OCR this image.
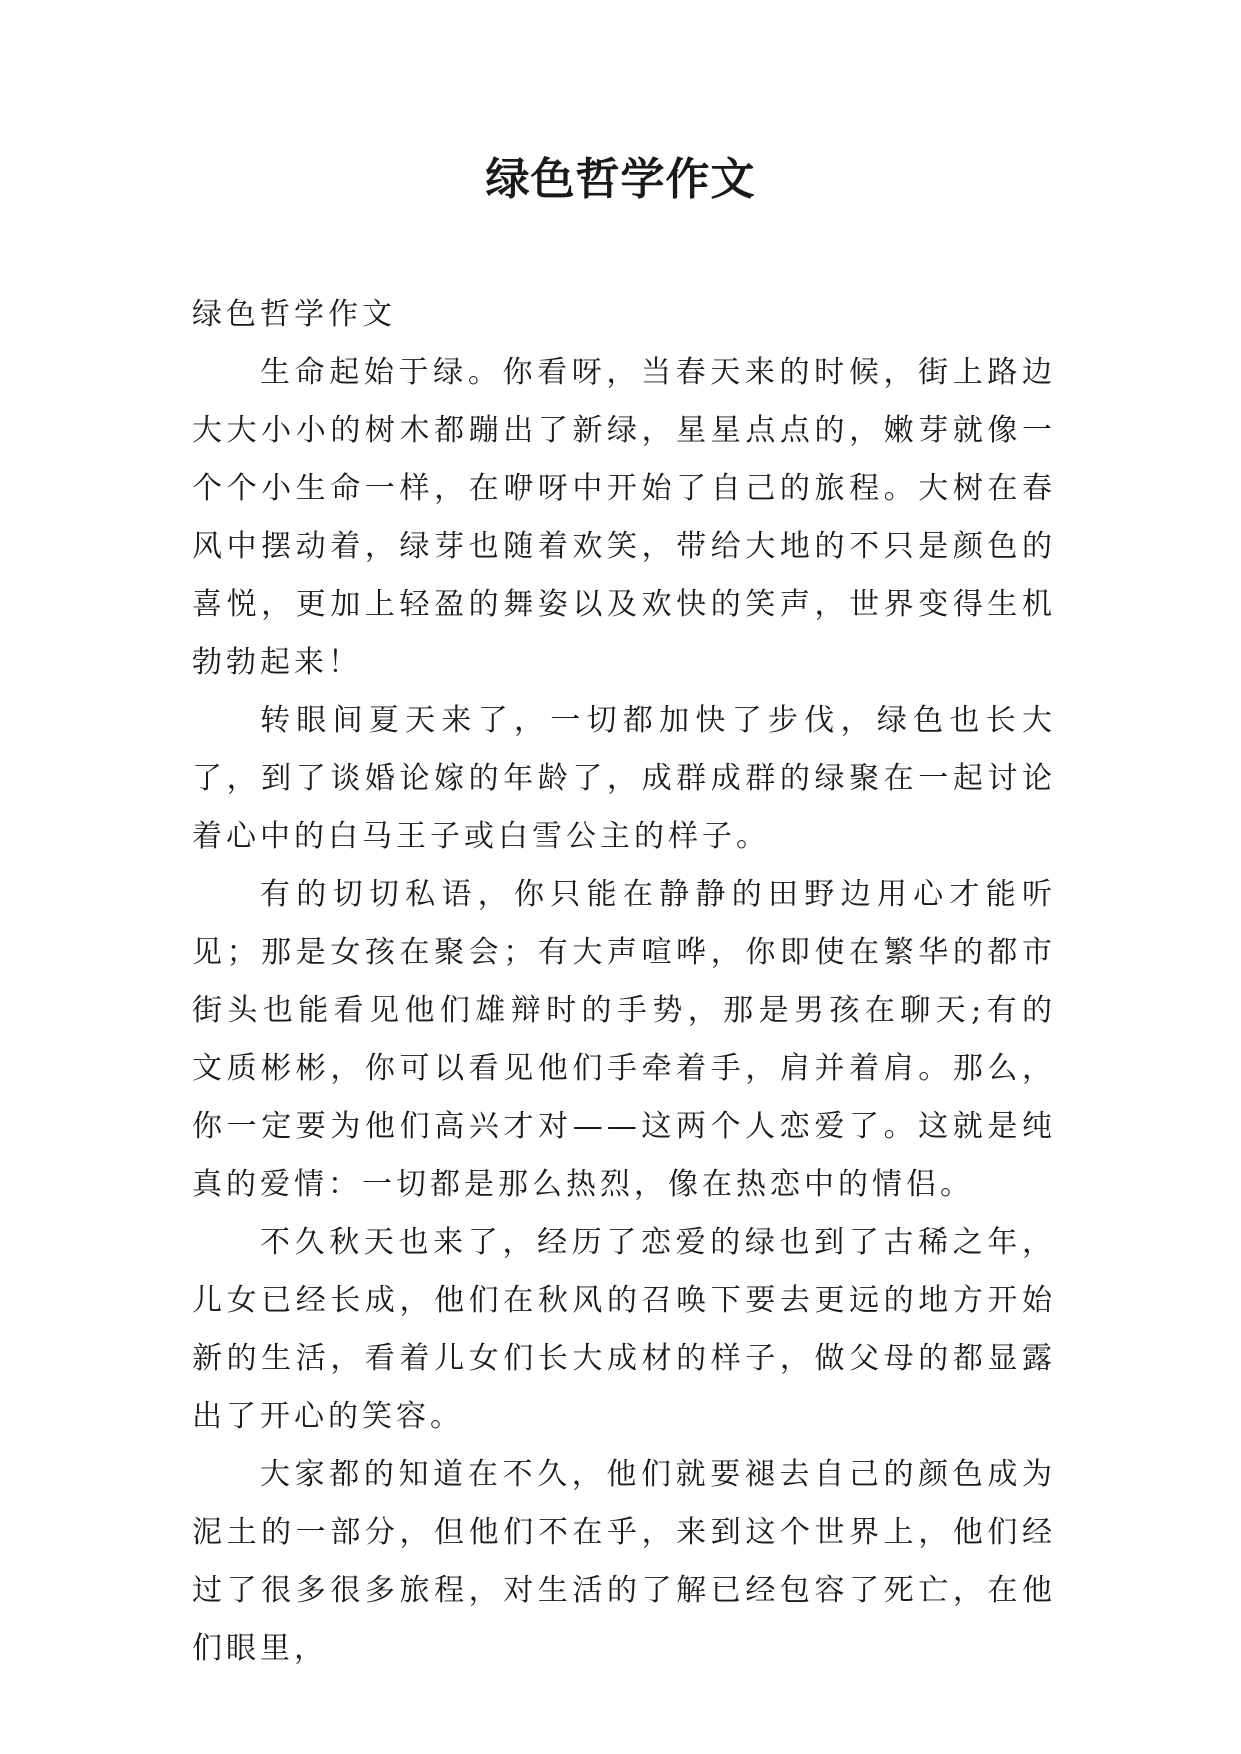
绿色哲学作文

绿色哲学作文

生命起始于绿。你看呀，当春天来的时候，街上路边大大小小的树木都蹦出了新绿，星星点点的，嫩芽就像一个个小生命一样，在咿呀中开始了自己的旅程。大树在春风中摆动着，绿芽也随着欢笑，带给大地的不只是颜色的喜悦，更加上轻盈的舞姿以及欢快的笑声，世界变得生机勃勃起来！

转眼间夏天来了，一切都加快了步伐，绿色也长大了，到了谈婚论嫁的年龄了，成群成群的绿聚在一起讨论着心中的白马王子或白雪公主的样子。

有的切切私语，你只能在静静的田野边用心才能听见；那是女孩在聚会；有大声喧哗，你即使在繁华的都市街头也能看见他们雄辩时的手势，那是男孩在聊天;有的文质彬彬，你可以看见他们手牵着手，肩并着肩。那么，你一定要为他们高兴才对——这两个人恋爱了。这就是纯真的爱情：一切都是那么热烈，像在热恋中的情侣。

不久秋天也来了，经历了恋爱的绿也到了古稀之年，儿女已经长成，他们在秋风的召唤下要去更远的地方开始新的生活，看着儿女们长大成材的样子，做父母的都显露出了开心的笑容。

大家都的知道在不久，他们就要褪去自己的颜色成为泥土的一部分，但他们不在乎，来到这个世界上，他们经过了很多很多旅程，对生活的了解已经包容了死亡，在他们眼里，
